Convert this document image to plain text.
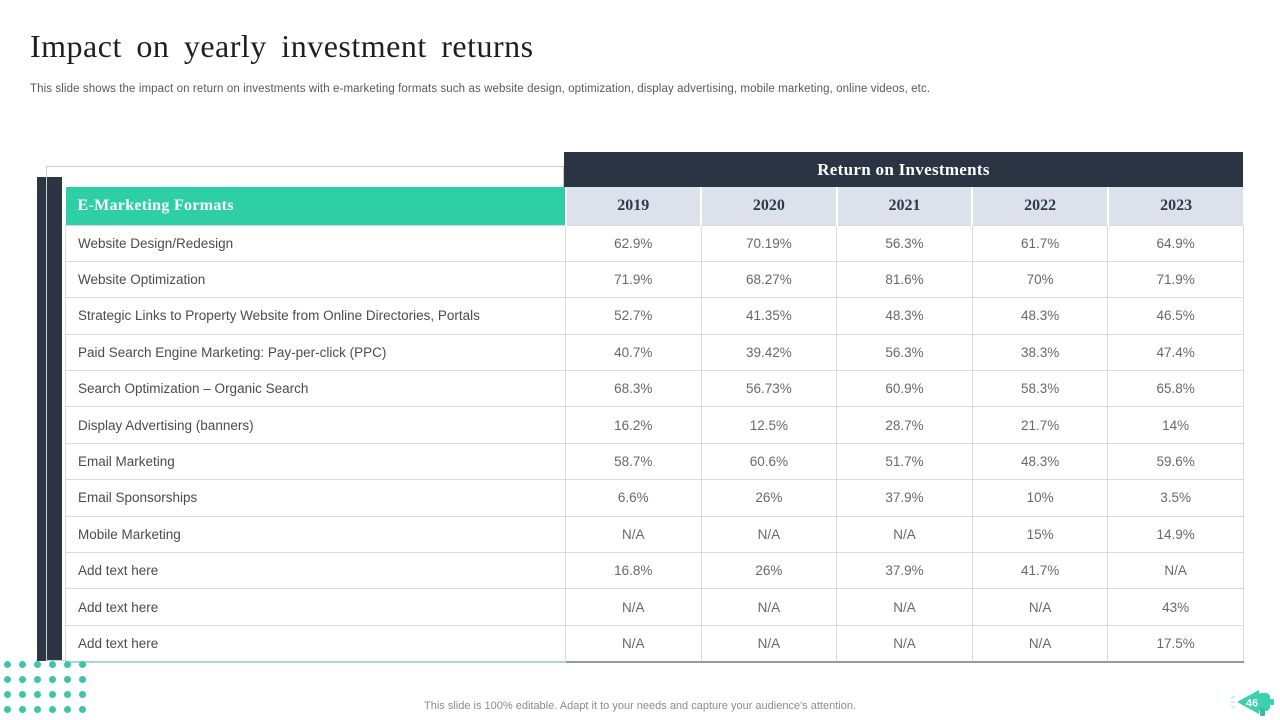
Impact on yearly investment returns

This slide shows the impact on return on investments with e-marketing formats such as website design, optimization, display advertising, mobile marketing, online videos, etc.

Return on Investments
E-Marketing Formats	2019	2020	2021	2022	2023
Website Design/Redesign	62.9%	70.19%	56.3%	61.7%	64.9%
Website Optimization	71.9%	68.27%	81.6%	70%	71.9%
Strategic Links to Property Website from Online Directories, Portals	52.7%	41.35%	48.3%	48.3%	46.5%
Paid Search Engine Marketing: Pay-per-click (PPC)	40.7%	39.42%	56.3%	38.3%	47.4%
Search Optimization – Organic Search	68.3%	56.73%	60.9%	58.3%	65.8%
Display Advertising (banners)	16.2%	12.5%	28.7%	21.7%	14%
Email Marketing	58.7%	60.6%	51.7%	48.3%	59.6%
Email Sponsorships	6.6%	26%	37.9%	10%	3.5%
Mobile Marketing	N/A	N/A	N/A	15%	14.9%
Add text here	16.8%	26%	37.9%	41.7%	N/A
Add text here	N/A	N/A	N/A	N/A	43%
Add text here	N/A	N/A	N/A	N/A	17.5%

This slide is 100% editable. Adapt it to your needs and capture your audience's attention.	46
